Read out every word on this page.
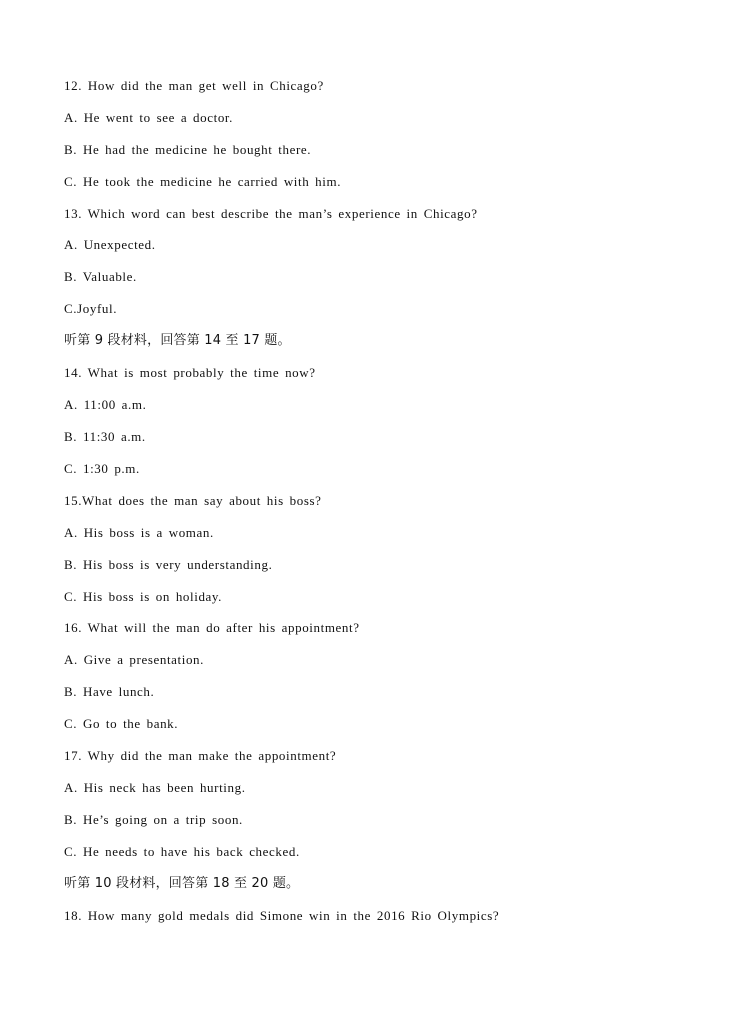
12. How did the man get well in Chicago?
A. He went to see a doctor.
B. He had the medicine he bought there.
C. He took the medicine he carried with him.
13. Which word can best describe the man’s experience in Chicago?
A. Unexpected.
B. Valuable.
C.Joyful.
听第 9 段材料，回答第 14 至 17 题。
14. What is most probably the time now?
A. 11:00 a.m.
B. 11:30 a.m.
C. 1:30 p.m.
15.What does the man say about his boss?
A. His boss is a woman.
B. His boss is very understanding.
C. His boss is on holiday.
16. What will the man do after his appointment?
A. Give a presentation.
B. Have lunch.
C. Go to the bank.
17. Why did the man make the appointment?
A. His neck has been hurting.
B. He’s going on a trip soon.
C. He needs to have his back checked.
听第 10 段材料，回答第 18 至 20 题。
18. How many gold medals did Simone win in the 2016 Rio Olympics?
